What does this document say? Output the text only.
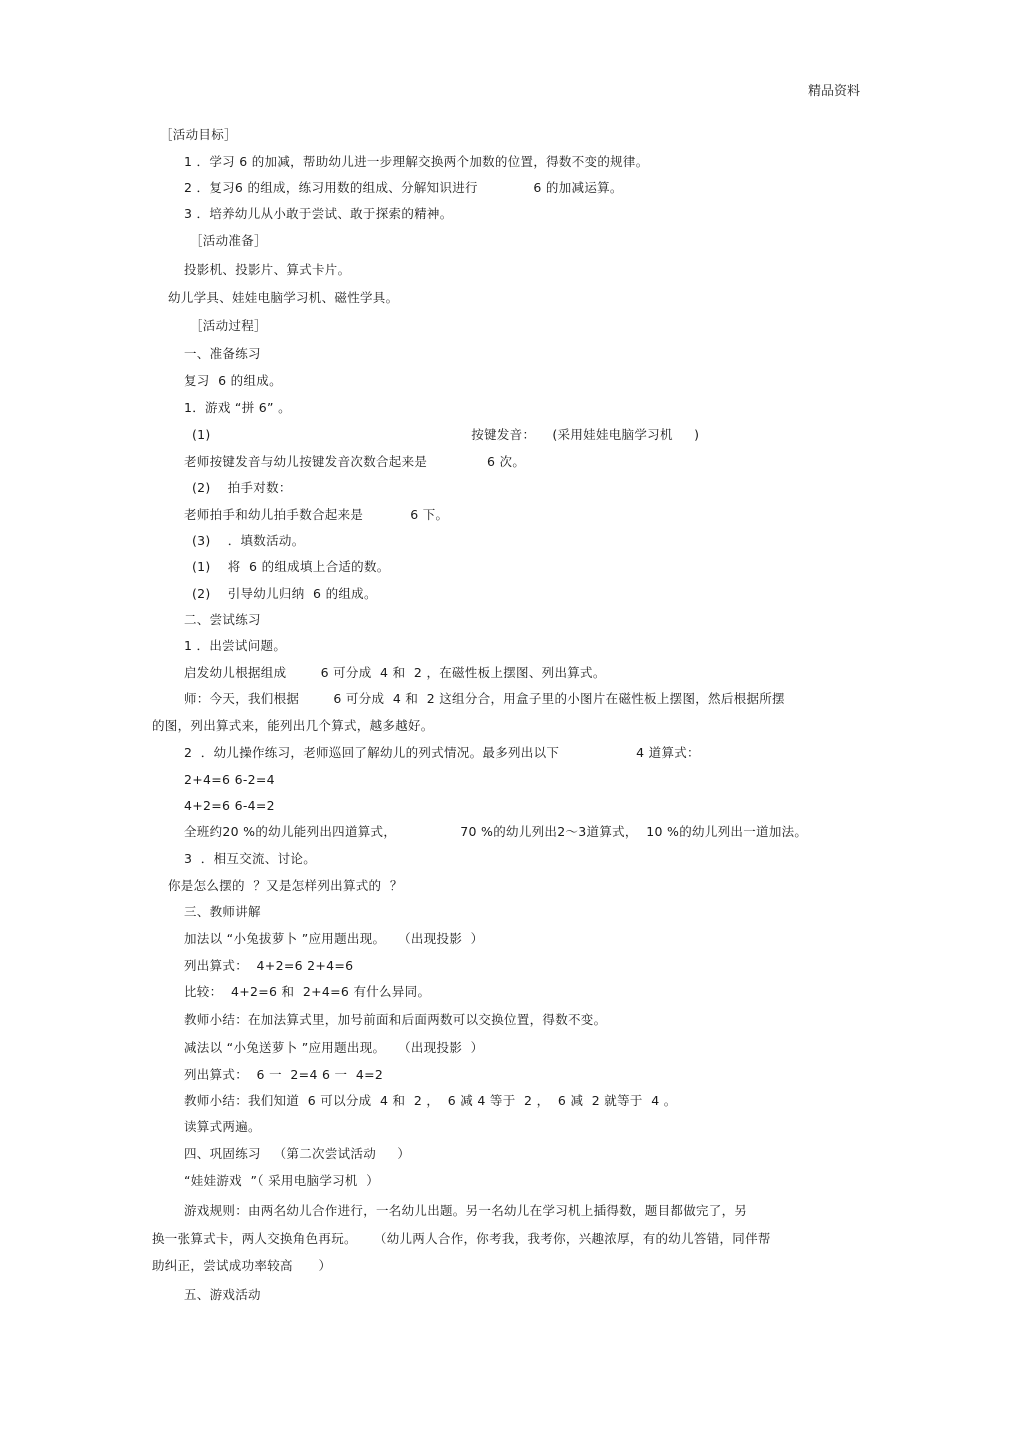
精品资料
［活动目标］
1 ．学习 6 的加减，帮助幼儿进一步理解交换两个加数的位置，得数不变的规律。
2 ．复习6 的组成，练习用数的组成、分解知识进行             6 的加减运算。
3 ．培养幼儿从小敢于尝试、敢于探索的精神。
［活动准备］
投影机、投影片、算式卡片。
幼儿学具、娃娃电脑学习机、磁性学具。
［活动过程］
一、准备练习
复习  6 的组成。
1．游戏 “拼 6” 。
(1)                                                             按键发音：    (采用娃娃电脑学习机     )
老师按键发音与幼儿按键发音次数合起来是              6 次。
(2)    拍手对数：
老师拍手和幼儿拍手数合起来是           6 下。
(3)    ．填数活动。
(1)    将  6 的组成填上合适的数。
(2)    引导幼儿归纳  6 的组成。
二、尝试练习
1 ．出尝试问题。
启发幼儿根据组成        6 可分成  4 和  2 ，在磁性板上摆图、列出算式。
师：今天，我们根据        6 可分成  4 和  2 这组分合，用盒子里的小图片在磁性板上摆图，然后根据所摆
的图，列出算式来，能列出几个算式，越多越好。
2  ．幼儿操作练习，老师巡回了解幼儿的列式情况。最多列出以下                  4 道算式：
2+4=6 6-2=4
4+2=6 6-4=2
全班约20 %的幼儿能列出四道算式，               70 %的幼儿列出2～3道算式，  10 %的幼儿列出一道加法。
3  ．相互交流、讨论。
你是怎么摆的  ？又是怎样列出算式的  ？
三、教师讲解
加法以 “小兔拔萝卜 ”应用题出现。   （出现投影  ）
列出算式：  4+2=6 2+4=6
比较：  4+2=6 和  2+4=6 有什么异同。
教师小结：在加法算式里，加号前面和后面两数可以交换位置，得数不变。
减法以 “小兔送萝卜 ”应用题出现。   （出现投影  ）
列出算式：  6 一  2=4 6 一  4=2
教师小结：我们知道  6 可以分成  4 和  2 ，  6 减 4 等于  2 ，  6 减  2 就等于  4 。
读算式两遍。
四、巩固练习   （第二次尝试活动     ）
“娃娃游戏  ”（ 采用电脑学习机  ）
游戏规则：由两名幼儿合作进行，一名幼儿出题。另一名幼儿在学习机上插得数，题目都做完了，另
换一张算式卡，两人交换角色再玩。    （幼儿两人合作，你考我，我考你，兴趣浓厚，有的幼儿答错，同伴帮
助纠正，尝试成功率较高      ）
五、游戏活动
